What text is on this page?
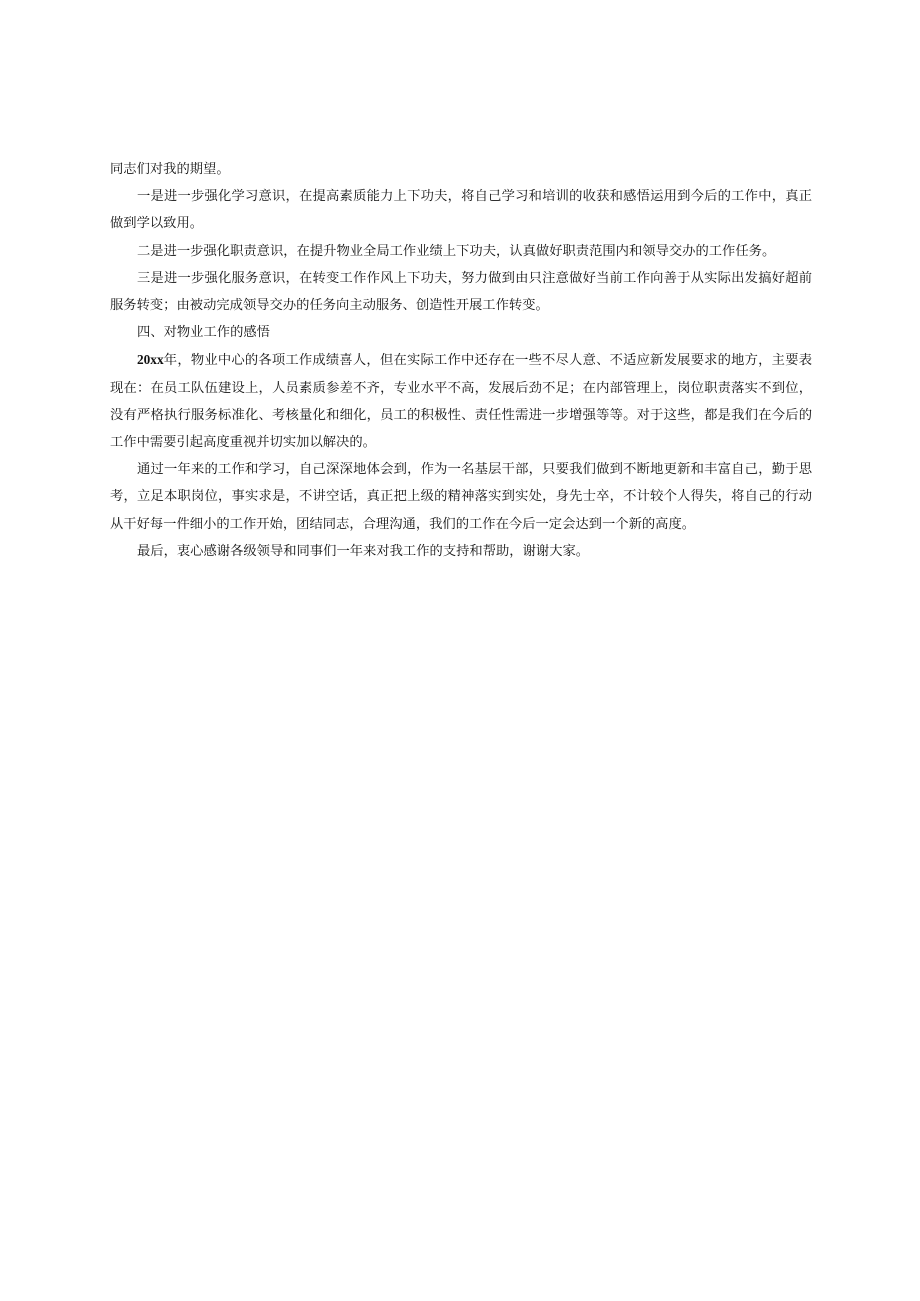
同志们对我的期望。

一是进一步强化学习意识，在提高素质能力上下功夫，将自己学习和培训的收获和感悟运用到今后的工作中，真正做到学以致用。

二是进一步强化职责意识，在提升物业全局工作业绩上下功夫，认真做好职责范围内和领导交办的工作任务。

三是进一步强化服务意识，在转变工作作风上下功夫，努力做到由只注意做好当前工作向善于从实际出发搞好超前服务转变；由被动完成领导交办的任务向主动服务、创造性开展工作转变。

四、对物业工作的感悟

20xx年，物业中心的各项工作成绩喜人，但在实际工作中还存在一些不尽人意、不适应新发展要求的地方，主要表现在：在员工队伍建设上，人员素质参差不齐，专业水平不高，发展后劲不足；在内部管理上，岗位职责落实不到位，没有严格执行服务标准化、考核量化和细化，员工的积极性、责任性需进一步增强等等。对于这些，都是我们在今后的工作中需要引起高度重视并切实加以解决的。

通过一年来的工作和学习，自己深深地体会到，作为一名基层干部，只要我们做到不断地更新和丰富自己，勤于思考，立足本职岗位，事实求是，不讲空话，真正把上级的精神落实到实处，身先士卒，不计较个人得失，将自己的行动从干好每一件细小的工作开始，团结同志，合理沟通，我们的工作在今后一定会达到一个新的高度。

最后，衷心感谢各级领导和同事们一年来对我工作的支持和帮助，谢谢大家。
